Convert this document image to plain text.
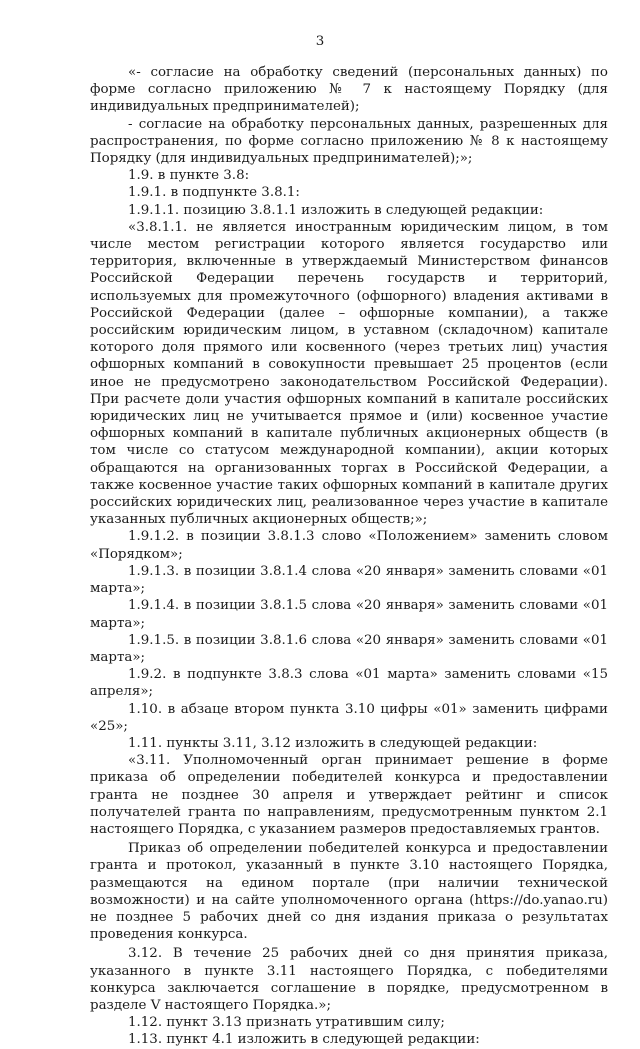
3

«- согласие на обработку сведений (персональных данных) по форме согласно приложению № 7 к настоящему Порядку (для индивидуальных предпринимателей);

- согласие на обработку персональных данных, разрешенных для распространения, по форме согласно приложению № 8 к настоящему Порядку (для индивидуальных предпринимателей);»;

1.9. в пункте 3.8:

1.9.1. в подпункте 3.8.1:

1.9.1.1. позицию 3.8.1.1 изложить в следующей редакции:

«3.8.1.1. не является иностранным юридическим лицом, в том числе местом регистрации которого является государство или территория, включенные в утверждаемый Министерством финансов Российской Федерации перечень государств и территорий, используемых для промежуточного (офшорного) владения активами в Российской Федерации (далее – офшорные компании), а также российским юридическим лицом, в уставном (складочном) капитале которого доля прямого или косвенного (через третьих лиц) участия офшорных компаний в совокупности превышает 25 процентов (если иное не предусмотрено законодательством Российской Федерации). При расчете доли участия офшорных компаний в капитале российских юридических лиц не учитывается прямое и (или) косвенное участие офшорных компаний в капитале публичных акционерных обществ (в том числе со статусом международной компании), акции которых обращаются на организованных торгах в Российской Федерации, а также косвенное участие таких офшорных компаний в капитале других российских юридических лиц, реализованное через участие в капитале указанных публичных акционерных обществ;»;

1.9.1.2. в позиции 3.8.1.3 слово «Положением» заменить словом «Порядком»;

1.9.1.3. в позиции 3.8.1.4 слова «20 января» заменить словами «01 марта»;

1.9.1.4. в позиции 3.8.1.5 слова «20 января» заменить словами «01 марта»;

1.9.1.5. в позиции 3.8.1.6 слова «20 января» заменить словами «01 марта»;

1.9.2. в подпункте 3.8.3 слова «01 марта» заменить словами «15 апреля»;

1.10. в абзаце втором пункта 3.10 цифры «01» заменить цифрами «25»;

1.11. пункты 3.11, 3.12 изложить в следующей редакции:

«3.11. Уполномоченный орган принимает решение в форме приказа об определении победителей конкурса и предоставлении гранта не позднее 30 апреля и утверждает рейтинг и список получателей гранта по направлениям, предусмотренным пунктом 2.1 настоящего Порядка, с указанием размеров предоставляемых грантов.

Приказ об определении победителей конкурса и предоставлении гранта и протокол, указанный в пункте 3.10 настоящего Порядка, размещаются на едином портале (при наличии технической возможности) и на сайте уполномоченного органа (https://do.yanao.ru) не позднее 5 рабочих дней со дня издания приказа о результатах проведения конкурса.

3.12. В течение 25 рабочих дней со дня принятия приказа, указанного в пункте 3.11 настоящего Порядка, с победителями конкурса заключается соглашение в порядке, предусмотренном в разделе V настоящего Порядка.»;

1.12. пункт 3.13 признать утратившим силу;

1.13. пункт 4.1 изложить в следующей редакции:
